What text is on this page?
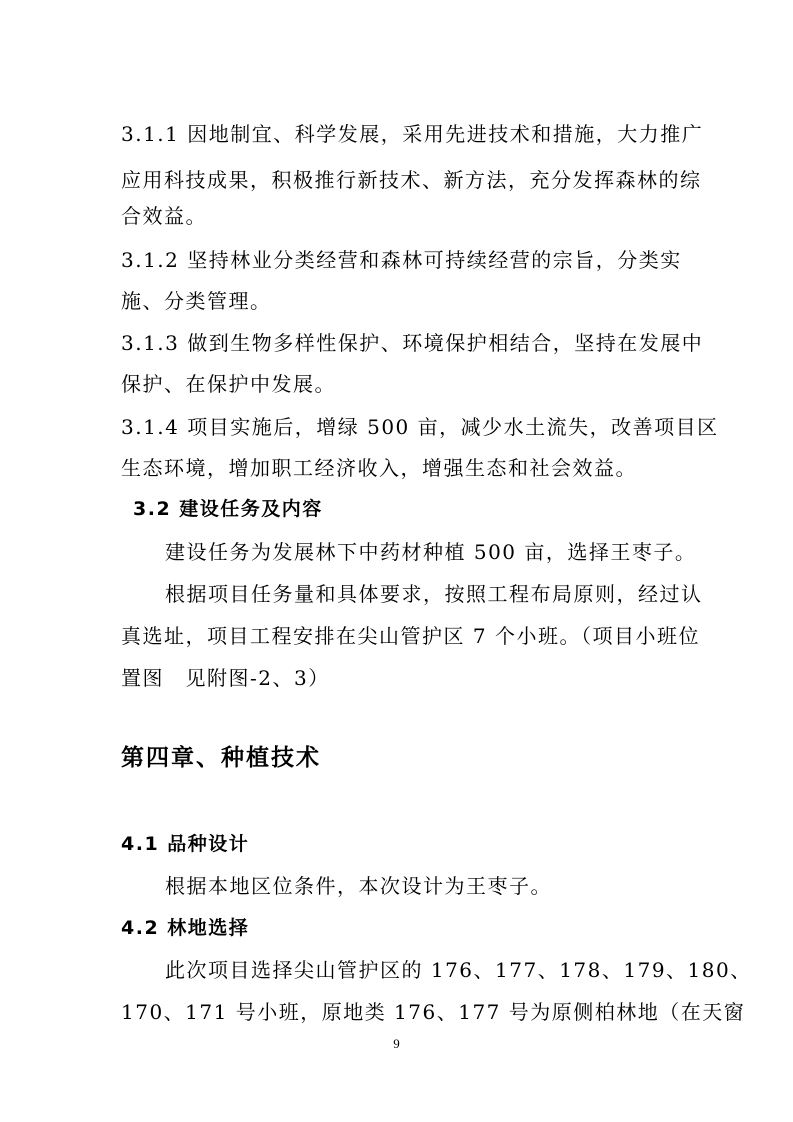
3.1.1 因地制宜、科学发展，采用先进技术和措施，大力推广
应用科技成果，积极推行新技术、新方法，充分发挥森林的综
合效益。
3.1.2 坚持林业分类经营和森林可持续经营的宗旨，分类实
施、分类管理。
3.1.3 做到生物多样性保护、环境保护相结合，坚持在发展中
保护、在保护中发展。
3.1.4 项目实施后，增绿 500 亩，减少水土流失，改善项目区
生态环境，增加职工经济收入，增强生态和社会效益。
3.2 建设任务及内容
建设任务为发展林下中药材种植 500 亩，选择王枣子。
根据项目任务量和具体要求，按照工程布局原则，经过认
真选址，项目工程安排在尖山管护区 7 个小班。（项目小班位
置图　见附图-2、3）
第四章、种植技术
4.1 品种设计
根据本地区位条件，本次设计为王枣子。
4.2 林地选择
此次项目选择尖山管护区的 176、177、178、179、180、
170、171 号小班，原地类 176、177 号为原侧柏林地（在天窗
9
